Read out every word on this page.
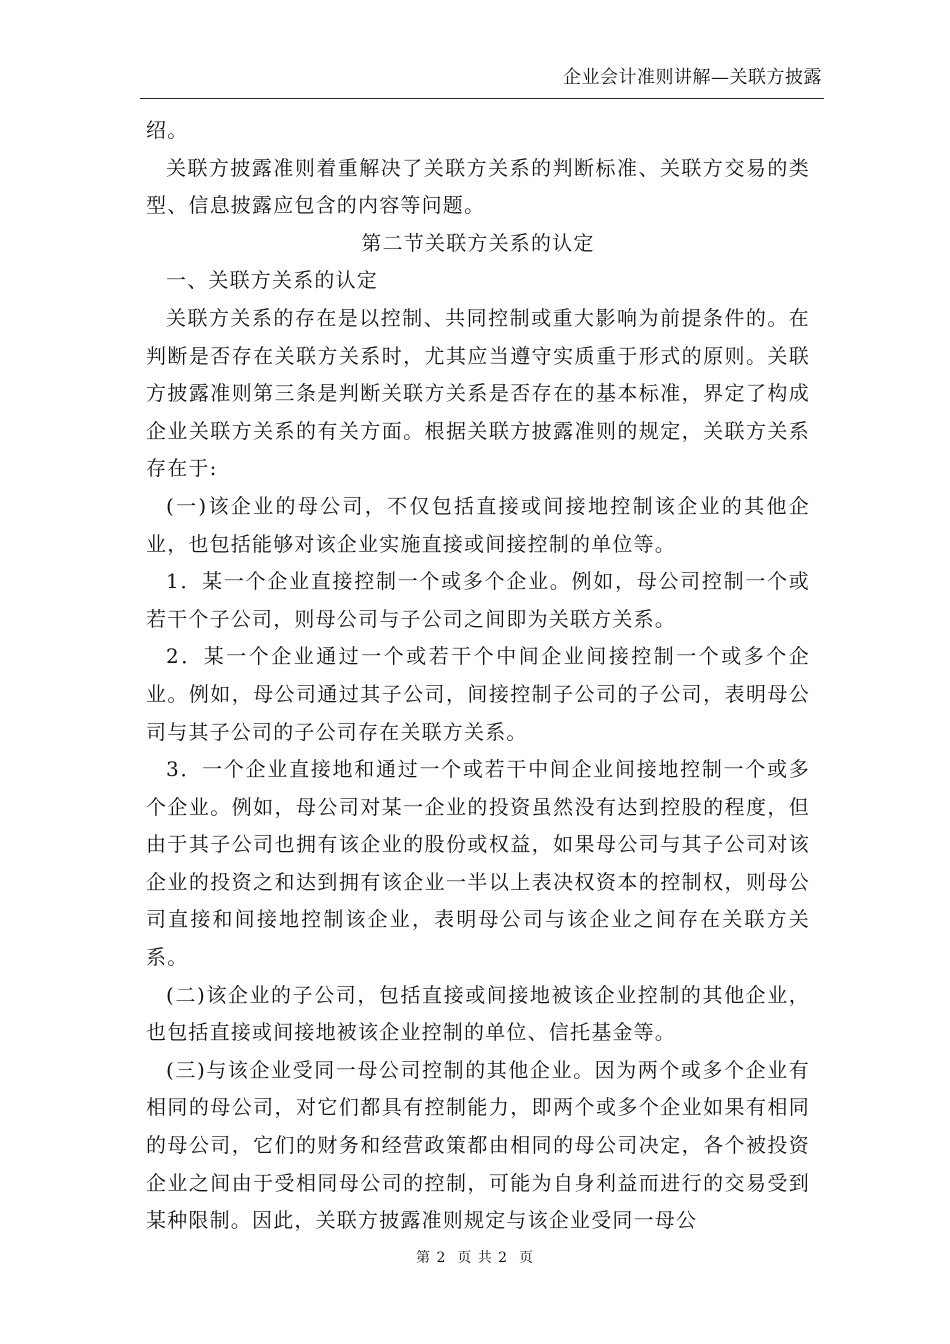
企业会计准则讲解—关联方披露

绍。

关联方披露准则着重解决了关联方关系的判断标准、关联方交易的类型、信息披露应包含的内容等问题。

第二节关联方关系的认定

一、关联方关系的认定

关联方关系的存在是以控制、共同控制或重大影响为前提条件的。在判断是否存在关联方关系时，尤其应当遵守实质重于形式的原则。关联方披露准则第三条是判断关联方关系是否存在的基本标准，界定了构成企业关联方关系的有关方面。根据关联方披露准则的规定，关联方关系存在于:

(一)该企业的母公司，不仅包括直接或间接地控制该企业的其他企业，也包括能够对该企业实施直接或间接控制的单位等。

1．某一个企业直接控制一个或多个企业。例如，母公司控制一个或若干个子公司，则母公司与子公司之间即为关联方关系。

2．某一个企业通过一个或若干个中间企业间接控制一个或多个企业。例如，母公司通过其子公司，间接控制子公司的子公司，表明母公司与其子公司的子公司存在关联方关系。

3．一个企业直接地和通过一个或若干中间企业间接地控制一个或多个企业。例如，母公司对某一企业的投资虽然没有达到控股的程度，但由于其子公司也拥有该企业的股份或权益，如果母公司与其子公司对该企业的投资之和达到拥有该企业一半以上表决权资本的控制权，则母公司直接和间接地控制该企业，表明母公司与该企业之间存在关联方关系。

(二)该企业的子公司，包括直接或间接地被该企业控制的其他企业，也包括直接或间接地被该企业控制的单位、信托基金等。

(三)与该企业受同一母公司控制的其他企业。因为两个或多个企业有相同的母公司，对它们都具有控制能力，即两个或多个企业如果有相同的母公司，它们的财务和经营政策都由相同的母公司决定，各个被投资企业之间由于受相同母公司的控制，可能为自身利益而进行的交易受到某种限制。因此，关联方披露准则规定与该企业受同一母公

第 2  页 共 2  页
